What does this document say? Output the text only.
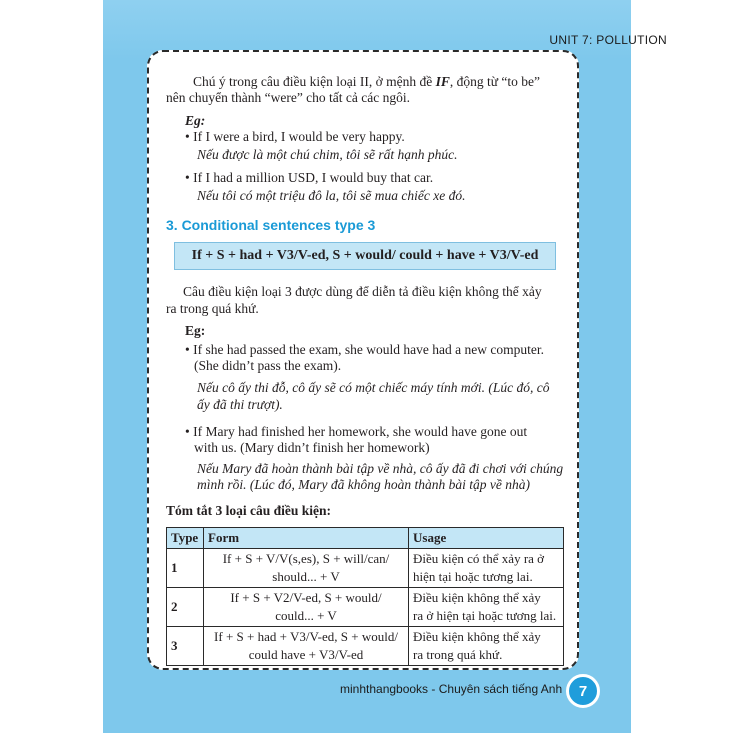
UNIT 7: POLLUTION
Chú ý trong câu điều kiện loại II, ở mệnh đề IF, động từ “to be”
nên chuyển thành “were” cho tất cả các ngôi.
Eg:
• If I were a bird, I would be very happy.
Nếu được là một chú chim, tôi sẽ rất hạnh phúc.
• If I had a million USD, I would buy that car.
Nếu tôi có một triệu đô la, tôi sẽ mua chiếc xe đó.
3. Conditional sentences type 3
If + S + had + V3/V-ed, S + would/ could + have + V3/V-ed
Câu điều kiện loại 3 được dùng để diễn tả điều kiện không thể xảy
ra trong quá khứ.
Eg:
• If she had passed the exam, she would have had a new computer.
(She didn’t pass the exam).
Nếu cô ấy thi đỗ, cô ấy sẽ có một chiếc máy tính mới. (Lúc đó, cô
ấy đã thi trượt).
• If Mary had finished her homework, she would have gone out
with us. (Mary didn’t finish her homework)
Nếu Mary đã hoàn thành bài tập về nhà, cô ấy đã đi chơi với chúng
mình rồi. (Lúc đó, Mary đã không hoàn thành bài tập về nhà)
Tóm tắt 3 loại câu điều kiện:
Type	Form	Usage
1	If + S + V/V(s,es), S + will/can/
should... + V	Điều kiện có thể xảy ra ở
hiện tại hoặc tương lai.
2	If + S + V2/V-ed, S + would/
could... + V	Điều kiện không thể xảy
ra ở hiện tại hoặc tương lai.
3	If + S + had + V3/V-ed, S + would/
could have + V3/V-ed	Điều kiện không thể xảy
ra trong quá khứ.
minhthangbooks - Chuyên sách tiếng Anh	7
